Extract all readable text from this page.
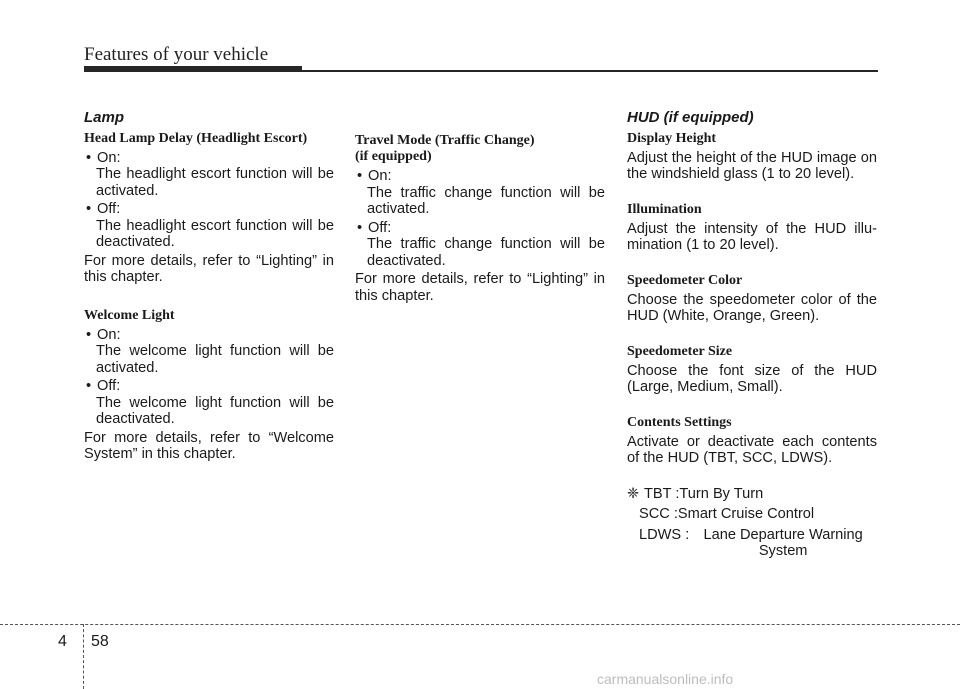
Features of your vehicle
Lamp
Head Lamp Delay (Headlight Escort)
• On:
The headlight escort function will be activated.
• Off:
The headlight escort function will be deactivated.
For more details, refer to “Lighting” in this chapter.
Welcome Light
• On:
The welcome light function will be activated.
• Off:
The welcome light function will be deactivated.
For more details, refer to “Welcome System” in this chapter.
Travel Mode (Traffic Change)
(if equipped)
• On:
The traffic change function will be activated.
• Off:
The traffic change function will be deactivated.
For more details, refer to “Lighting” in this chapter.
HUD (if equipped)
Display Height
Adjust the height of the HUD image on the windshield glass (1 to 20 level).
Illumination
Adjust the intensity of the HUD illu-mination (1 to 20 level).
Speedometer Color
Choose the speedometer color of the HUD (White, Orange, Green).
Speedometer Size
Choose the font size of the HUD (Large, Medium, Small).
Contents Settings
Activate or deactivate each contents of the HUD (TBT, SCC, LDWS).
❈ TBT : Turn By Turn
SCC : Smart Cruise Control
LDWS : Lane Departure Warning System
4 58
carmanualsonline.info
